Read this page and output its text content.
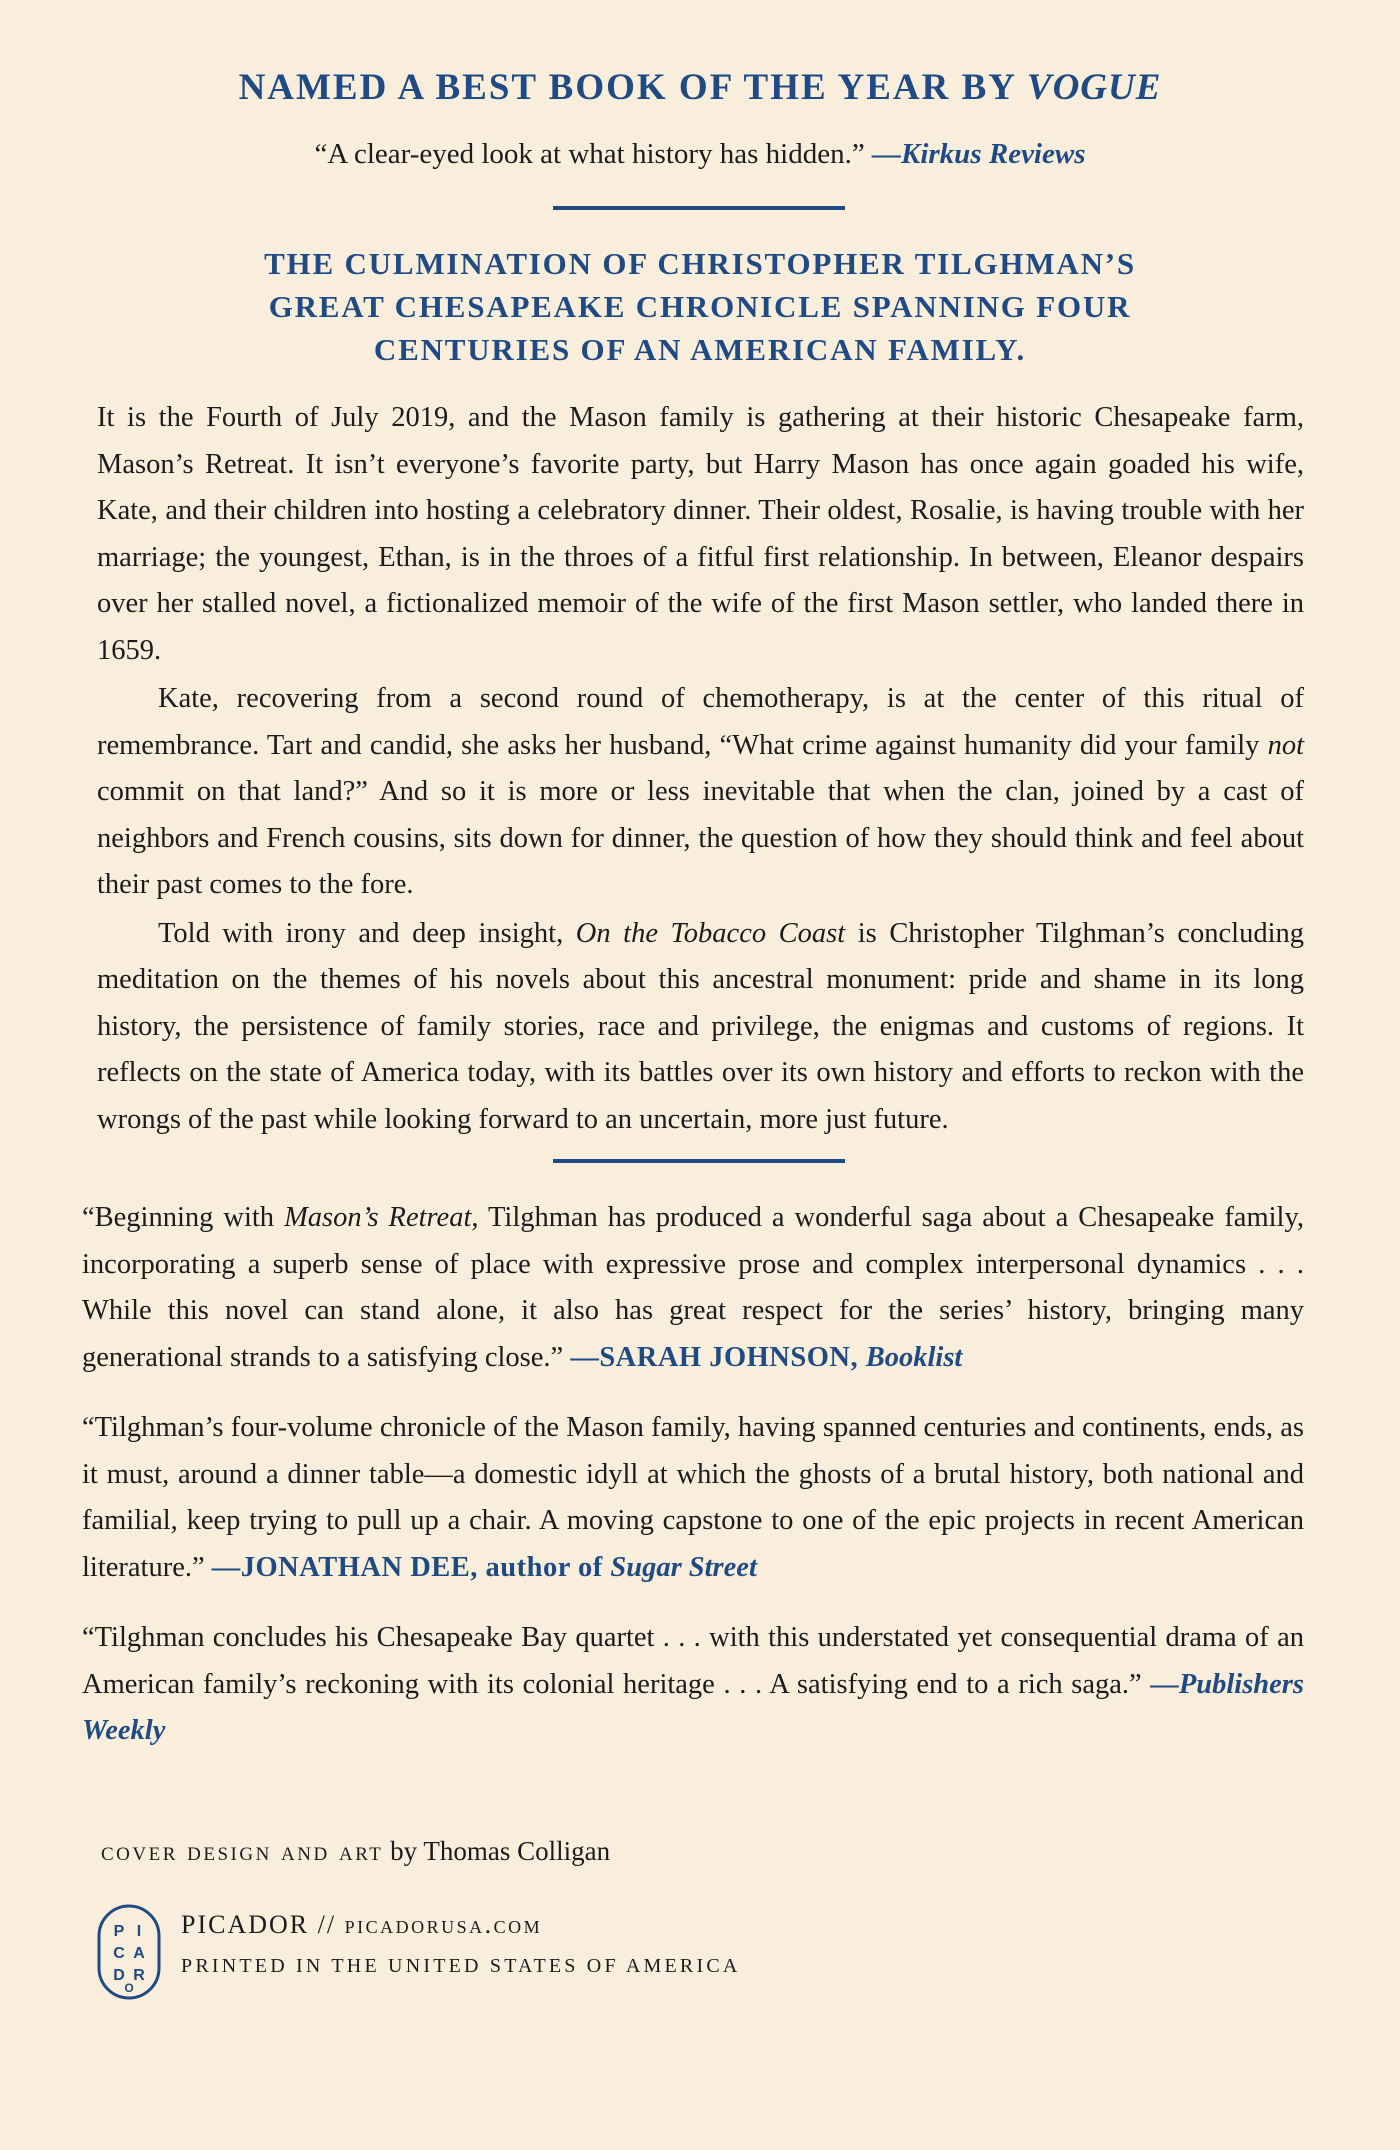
NAMED A BEST BOOK OF THE YEAR BY VOGUE
“A clear-eyed look at what history has hidden.” —Kirkus Reviews
THE CULMINATION OF CHRISTOPHER TILGHMAN’S
GREAT CHESAPEAKE CHRONICLE SPANNING FOUR
CENTURIES OF AN AMERICAN FAMILY.

It is the Fourth of July 2019, and the Mason family is gathering at their historic Chesapeake farm, Mason’s Retreat. It isn’t everyone’s favorite party, but Harry Mason has once again goaded his wife, Kate, and their children into hosting a celebratory dinner. Their oldest, Rosalie, is having trouble with her marriage; the youngest, Ethan, is in the throes of a fitful first relationship. In between, Eleanor despairs over her stalled novel, a fictionalized memoir of the wife of the first Mason settler, who landed there in 1659.

Kate, recovering from a second round of chemotherapy, is at the center of this ritual of remembrance. Tart and candid, she asks her husband, “What crime against humanity did your family not commit on that land?” And so it is more or less inevitable that when the clan, joined by a cast of neighbors and French cousins, sits down for dinner, the question of how they should think and feel about their past comes to the fore.

Told with irony and deep insight, On the Tobacco Coast is Christopher Tilghman’s concluding meditation on the themes of his novels about this ancestral monument: pride and shame in its long history, the persistence of family stories, race and privilege, the enigmas and customs of regions. It reflects on the state of America today, with its battles over its own history and efforts to reckon with the wrongs of the past while looking forward to an uncertain, more just future.

“Beginning with Mason’s Retreat, Tilghman has produced a wonderful saga about a Chesapeake family, incorporating a superb sense of place with expressive prose and complex interpersonal dynamics . . . While this novel can stand alone, it also has great respect for the series’ history, bringing many generational strands to a satisfying close.” —SARAH JOHNSON, Booklist

“Tilghman’s four-volume chronicle of the Mason family, having spanned centuries and continents, ends, as it must, around a dinner table—a domestic idyll at which the ghosts of a brutal history, both national and familial, keep trying to pull up a chair. A moving capstone to one of the epic projects in recent American literature.” —JONATHAN DEE, author of Sugar Street

“Tilghman concludes his Chesapeake Bay quartet . . . with this understated yet consequential drama of an American family’s reckoning with its colonial heritage . . . A satisfying end to a rich saga.” —Publishers Weekly

cover design and art by Thomas Colligan
P I
C A
D
O
R
PICADOR // picadorusa.com
PRINTED IN THE UNITED STATES OF AMERICA
